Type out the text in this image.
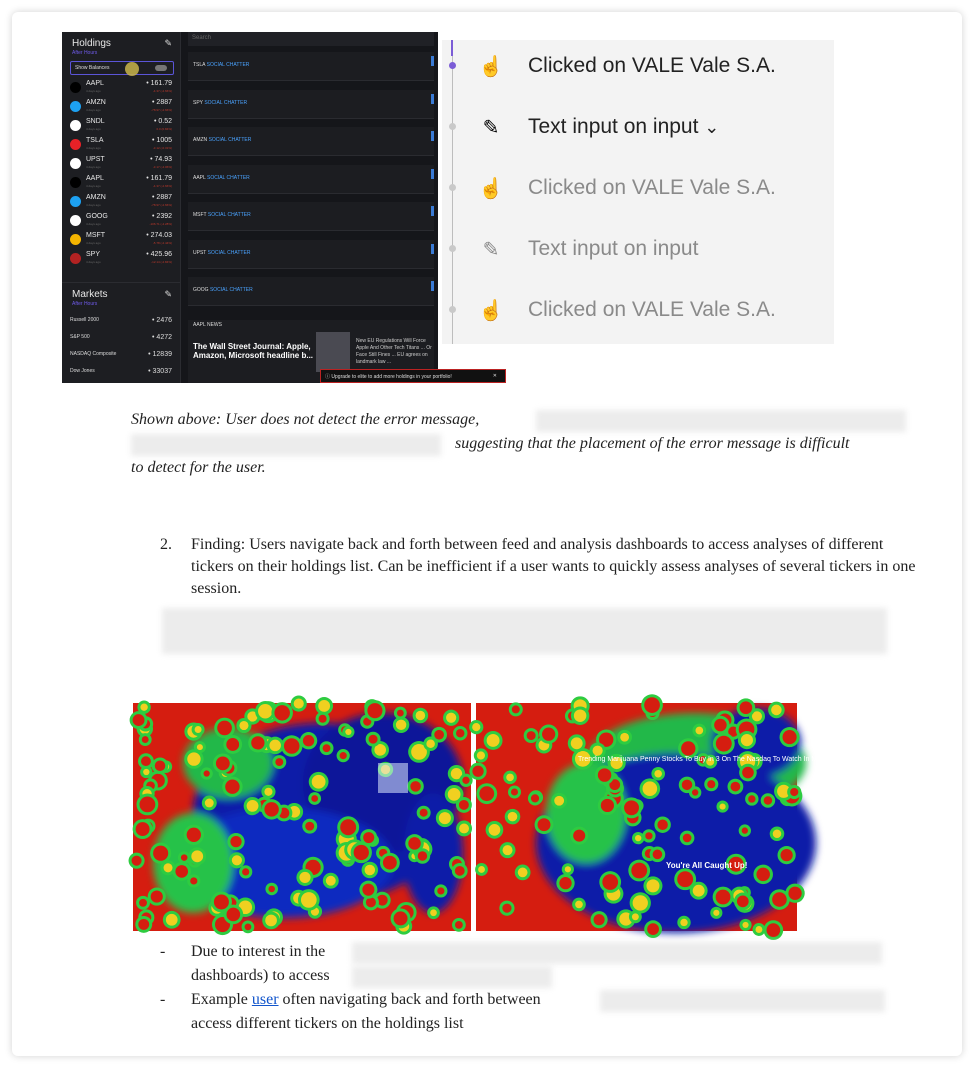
Holdings
After Hours
✎
Show Balances
AAPL
4 days ago
• 161.79
-4.37 (-2.66%)
AMZN
4 days ago
• 2887
-78.97 (-2.66%)
SNDL
4 days ago
• 0.52
0.0 (0.84%)
TSLA
4 days ago
• 1005
-3.12 (-0.31%)
UPST
4 days ago
• 74.93
-3.17 (-4.06%)
AAPL
4 days ago
• 161.79
-4.37 (-2.66%)
AMZN
4 days ago
• 2887
-78.97 (-2.66%)
GOOG
4 days ago
• 2392
-106.71 (-4.28%)
MSFT
4 days ago
• 274.03
-5.78 (-2.44%)
SPY
4 days ago
• 425.96
-12.14 (-2.84%)
Markets
After Hours
✎
Russell 2000	• 2476
S&P 500	• 4272
NASDAQ Composite	• 12839
Dow Jones	• 33037
Search
TSLA SOCIAL CHATTER
SPY SOCIAL CHATTER
AMZN SOCIAL CHATTER
AAPL SOCIAL CHATTER
MSFT SOCIAL CHATTER
UPST SOCIAL CHATTER
GOOG SOCIAL CHATTER
AAPL NEWS
The Wall Street Journal: Apple, Amazon, Microsoft headline b...
New EU Regulations Will Force Apple And Other Tech Titans ... Or Face Still Fines ... EU agrees on landmark law ...
ⓘ Upgrade to elite to add more holdings in your portfolio!	✕
☝ Clicked on VALE Vale S.A.
✎ Text input on input ⌄
☝ Clicked on VALE Vale S.A.
✎ Text input on input
☝ Clicked on VALE Vale S.A.
Shown above: User does not detect the error message,

suggesting that the placement of the error message is difficult
to detect for the user.
2. Finding: Users navigate back and forth between feed and analysis dashboards to access analyses of different tickers on their holdings list. Can be inefficient if a user wants to quickly assess analyses of several tickers in one session.
Trending Marijuana Penny Stocks To Buy In 3 On The Nasdaq To Watch In May
You're All Caught Up!
- Due to interest in the
dashboards) to access
- Example user often navigating back and forth between
access different tickers on the holdings list
